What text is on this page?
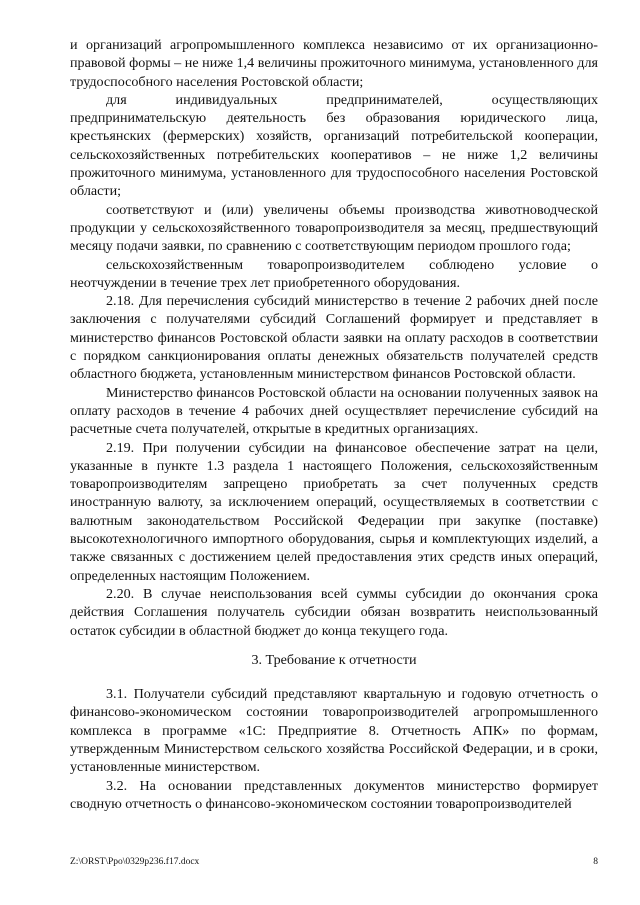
и организаций агропромышленного комплекса независимо от их организационно-правовой формы – не ниже 1,4 величины прожиточного минимума, установленного для трудоспособного населения Ростовской области;

для индивидуальных предпринимателей, осуществляющих предпринимательскую деятельность без образования юридического лица, крестьянских (фермерских) хозяйств, организаций потребительской кооперации, сельскохозяйственных потребительских кооперативов – не ниже 1,2 величины прожиточного минимума, установленного для трудоспособного населения Ростовской области;

соответствуют и (или) увеличены объемы производства животноводческой продукции у сельскохозяйственного товаропроизводителя за месяц, предшествующий месяцу подачи заявки, по сравнению с соответствующим периодом прошлого года;

сельскохозяйственным товаропроизводителем соблюдено условие о неотчуждении в течение трех лет приобретенного оборудования.

2.18. Для перечисления субсидий министерство в течение 2 рабочих дней после заключения с получателями субсидий Соглашений формирует и представляет в министерство финансов Ростовской области заявки на оплату расходов в соответствии с порядком санкционирования оплаты денежных обязательств получателей средств областного бюджета, установленным министерством финансов Ростовской области.

Министерство финансов Ростовской области на основании полученных заявок на оплату расходов в течение 4 рабочих дней осуществляет перечисление субсидий на расчетные счета получателей, открытые в кредитных организациях.

2.19. При получении субсидии на финансовое обеспечение затрат на цели, указанные в пункте 1.3 раздела 1 настоящего Положения, сельскохозяйственным товаропроизводителям запрещено приобретать за счет полученных средств иностранную валюту, за исключением операций, осуществляемых в соответствии с валютным законодательством Российской Федерации при закупке (поставке) высокотехнологичного импортного оборудования, сырья и комплектующих изделий, а также связанных с достижением целей предоставления этих средств иных операций, определенных настоящим Положением.

2.20. В случае неиспользования всей суммы субсидии до окончания срока действия Соглашения получатель субсидии обязан возвратить неиспользованный остаток субсидии в областной бюджет до конца текущего года.

3. Требование к отчетности

3.1. Получатели субсидий представляют квартальную и годовую отчетность о финансово-экономическом состоянии товаропроизводителей агропромышленного комплекса в программе «1С: Предприятие 8. Отчетность АПК» по формам, утвержденным Министерством сельского хозяйства Российской Федерации, и в сроки, установленные министерством.

3.2. На основании представленных документов министерство формирует сводную отчетность о финансово-экономическом состоянии товаропроизводителей

Z:\ORST\Ppo\0329p236.f17.docx	8
